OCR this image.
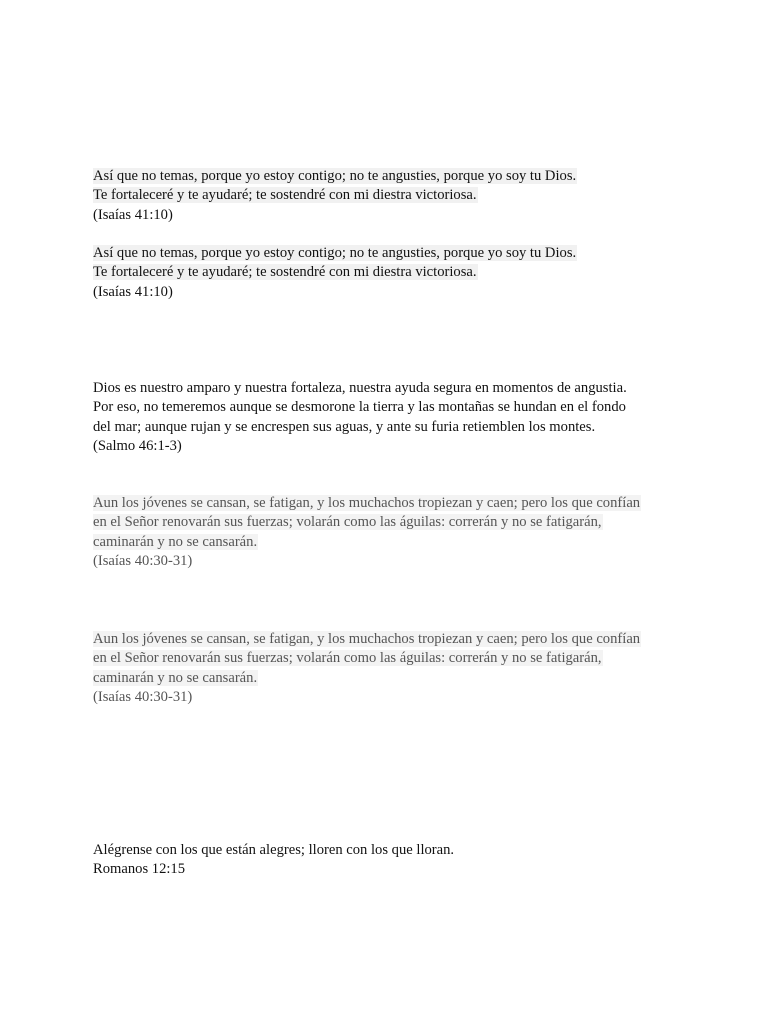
Así que no temas, porque yo estoy contigo; no te angusties, porque yo soy tu Dios.
Te fortaleceré y te ayudaré; te sostendré con mi diestra victoriosa.
(Isaías 41:10)
Así que no temas, porque yo estoy contigo; no te angusties, porque yo soy tu Dios.
Te fortaleceré y te ayudaré; te sostendré con mi diestra victoriosa.
(Isaías 41:10)
Dios es nuestro amparo y nuestra fortaleza, nuestra ayuda segura en momentos de angustia.
Por eso, no temeremos aunque se desmorone la tierra y las montañas se hundan en el fondo
del mar; aunque rujan y se encrespen sus aguas, y ante su furia retiemblen los montes.
(Salmo 46:1-3)
Aun los jóvenes se cansan, se fatigan, y los muchachos tropiezan y caen; pero los que confían
en el Señor renovarán sus fuerzas; volarán como las águilas: correrán y no se fatigarán,
caminarán y no se cansarán.
(Isaías 40:30-31)
Aun los jóvenes se cansan, se fatigan, y los muchachos tropiezan y caen; pero los que confían
en el Señor renovarán sus fuerzas; volarán como las águilas: correrán y no se fatigarán,
caminarán y no se cansarán.
(Isaías 40:30-31)
Alégrense con los que están alegres; lloren con los que lloran.
Romanos 12:15
